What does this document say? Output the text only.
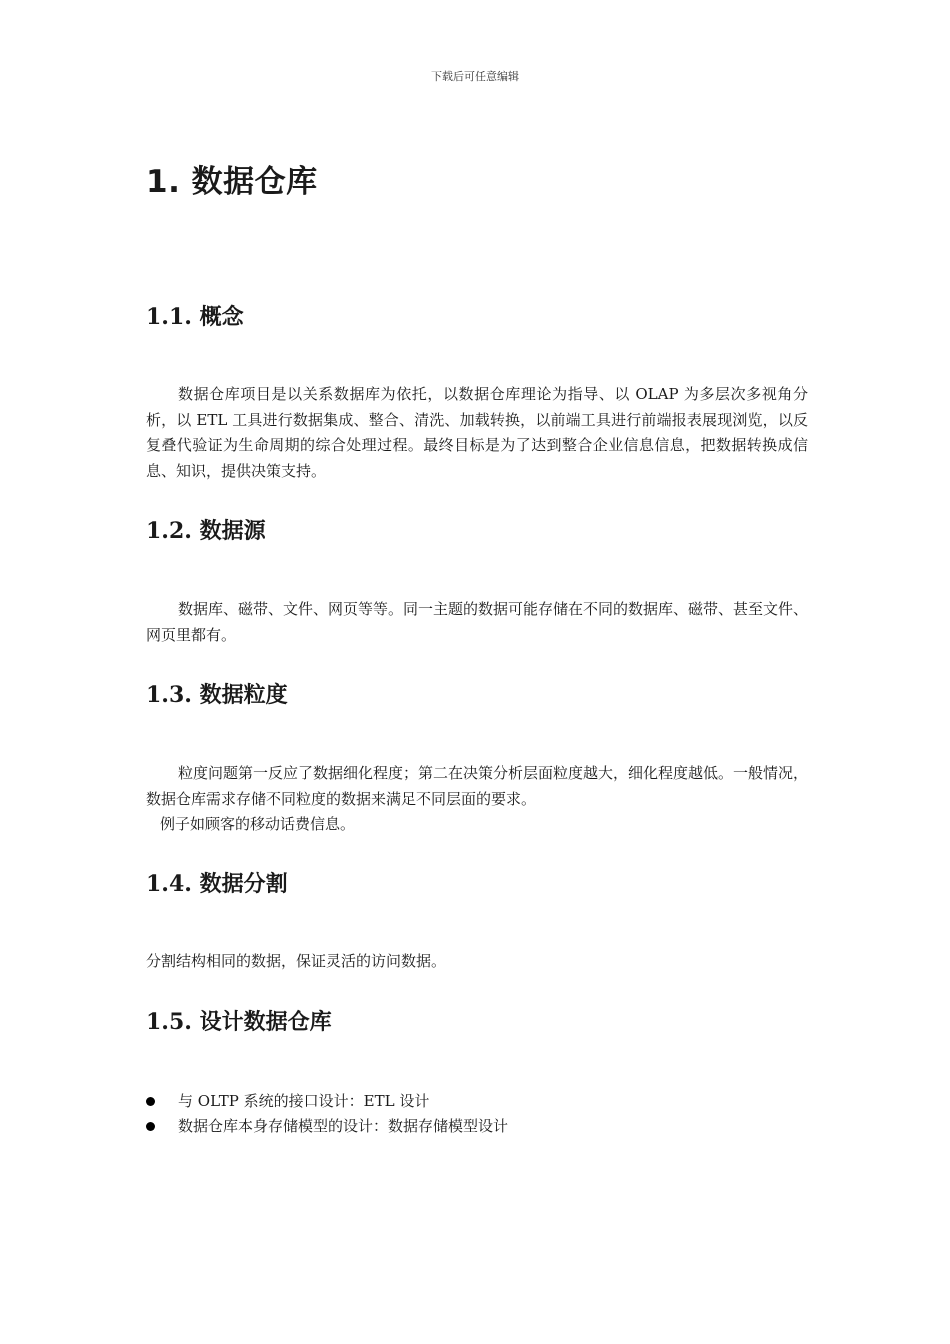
下载后可任意编辑
1. 数据仓库
1.1. 概念
数据仓库项目是以关系数据库为依托，以数据仓库理论为指导、以 OLAP 为多层次多视角分析，以 ETL 工具进行数据集成、整合、清洗、加载转换，以前端工具进行前端报表展现浏览，以反复叠代验证为生命周期的综合处理过程。最终目标是为了达到整合企业信息信息，把数据转换成信息、知识，提供决策支持。
1.2. 数据源
数据库、磁带、文件、网页等等。同一主题的数据可能存储在不同的数据库、磁带、甚至文件、网页里都有。
1.3. 数据粒度
粒度问题第一反应了数据细化程度；第二在决策分析层面粒度越大，细化程度越低。一般情况，数据仓库需求存储不同粒度的数据来满足不同层面的要求。
例子如顾客的移动话费信息。
1.4. 数据分割
分割结构相同的数据，保证灵活的访问数据。
1.5. 设计数据仓库
与 OLTP 系统的接口设计：ETL 设计
数据仓库本身存储模型的设计：数据存储模型设计
